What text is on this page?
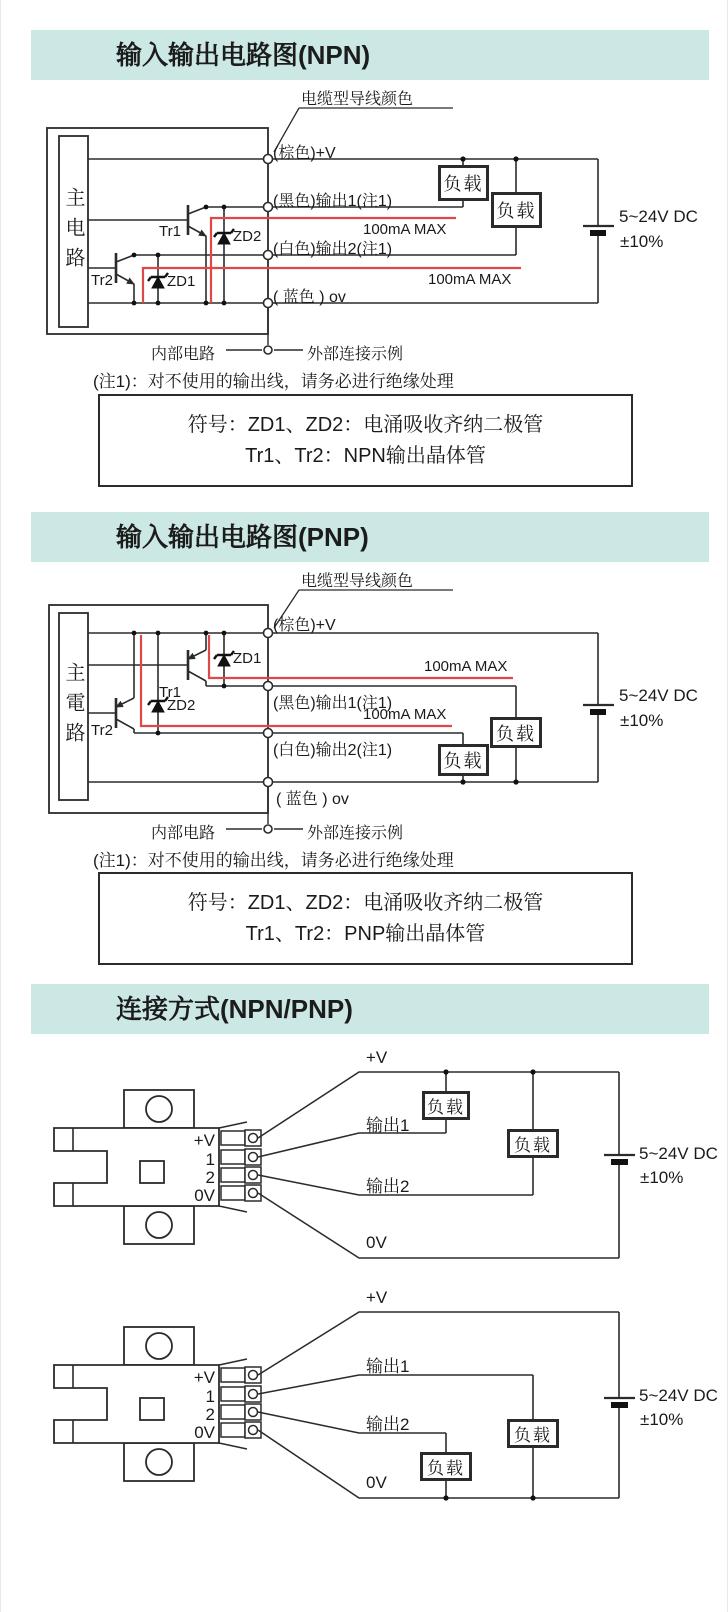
输入输出电路图(NPN)
输入输出电路图(PNP)
连接方式(NPN/PNP)
电缆型导线颜色
主电路
(棕色)+V
(黑色)输出1(注1)
100mA MAX
(白色)输出2(注1)
100mA MAX
( 蓝色 ) ov
Tr1
Tr2
ZD2
ZD1
负载
负载	5~24V DC
±10%
内部电路	外部连接示例
(注1)：对不使用的输出线，请务必进行绝缘处理
符号：ZD1、ZD2：电涌吸收齐纳二极管
Tr1、Tr2：NPN输出晶体管
电缆型导线颜色
主電路
(棕色)+V
100mA MAX
(黑色)输出1(注1)
100mA MAX
(白色)输出2(注1)
( 蓝色 ) ov
Tr1
Tr2
ZD1
ZD2
负载
负载
5~24V DC
±10%
内部电路	外部连接示例
(注1)：对不使用的输出线，请务必进行绝缘处理
符号：ZD1、ZD2：电涌吸收齐纳二极管
Tr1、Tr2：PNP输出晶体管
+V
1
2
0V
+V
输出1
输出2
0V
负载
负载	5~24V DC
±10%
+V
1
2
0V
+V
输出1
输出2
0V
负载
负载
5~24V DC
±10%
